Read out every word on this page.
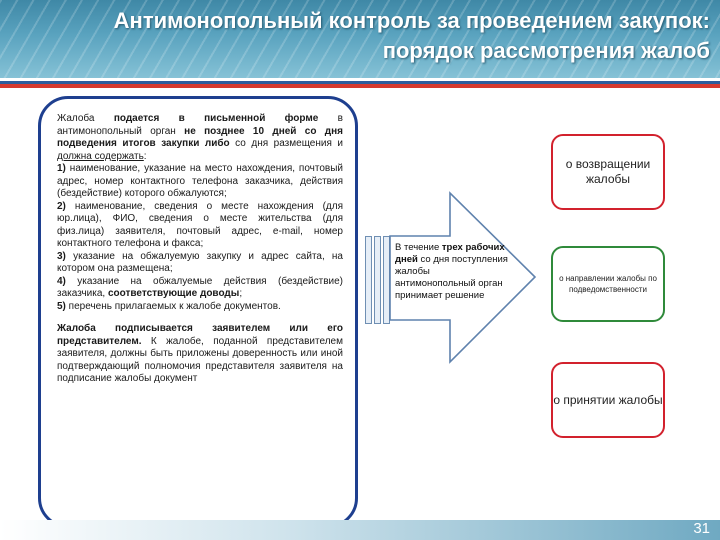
Антимонопольный контроль за проведением закупок:
порядок рассмотрения жалоб

Жалоба подается в письменной форме в антимонопольный орган не позднее 10 дней со дня подведения итогов закупки либо со дня размещения и должна содержать:

1) наименование, указание на место нахождения, почтовый адрес, номер контактного телефона заказчика, действия (бездействие) которого обжалуются;

2) наименование, сведения о месте нахождения (для юр.лица), ФИО, сведения о месте жительства (для физ.лица) заявителя, почтовый адрес, e-mail, номер контактного телефона и факса;

3) указание на обжалуемую закупку и адрес сайта, на котором она размещена;

4) указание на обжалуемые действия (бездействие) заказчика, соответствующие доводы;

5) перечень прилагаемых к жалобе документов.

Жалоба подписывается заявителем или его представителем. К жалобе, поданной представителем заявителя, должны быть приложены доверенность или иной подтверждающий полномочия представителя заявителя на подписание жалобы документ

В течение трех рабочих дней со дня поступления жалобы антимонопольный орган принимает решение
о возвращении жалобы
о направлении жалобы по подведомственности
о принятии жалобы
31
